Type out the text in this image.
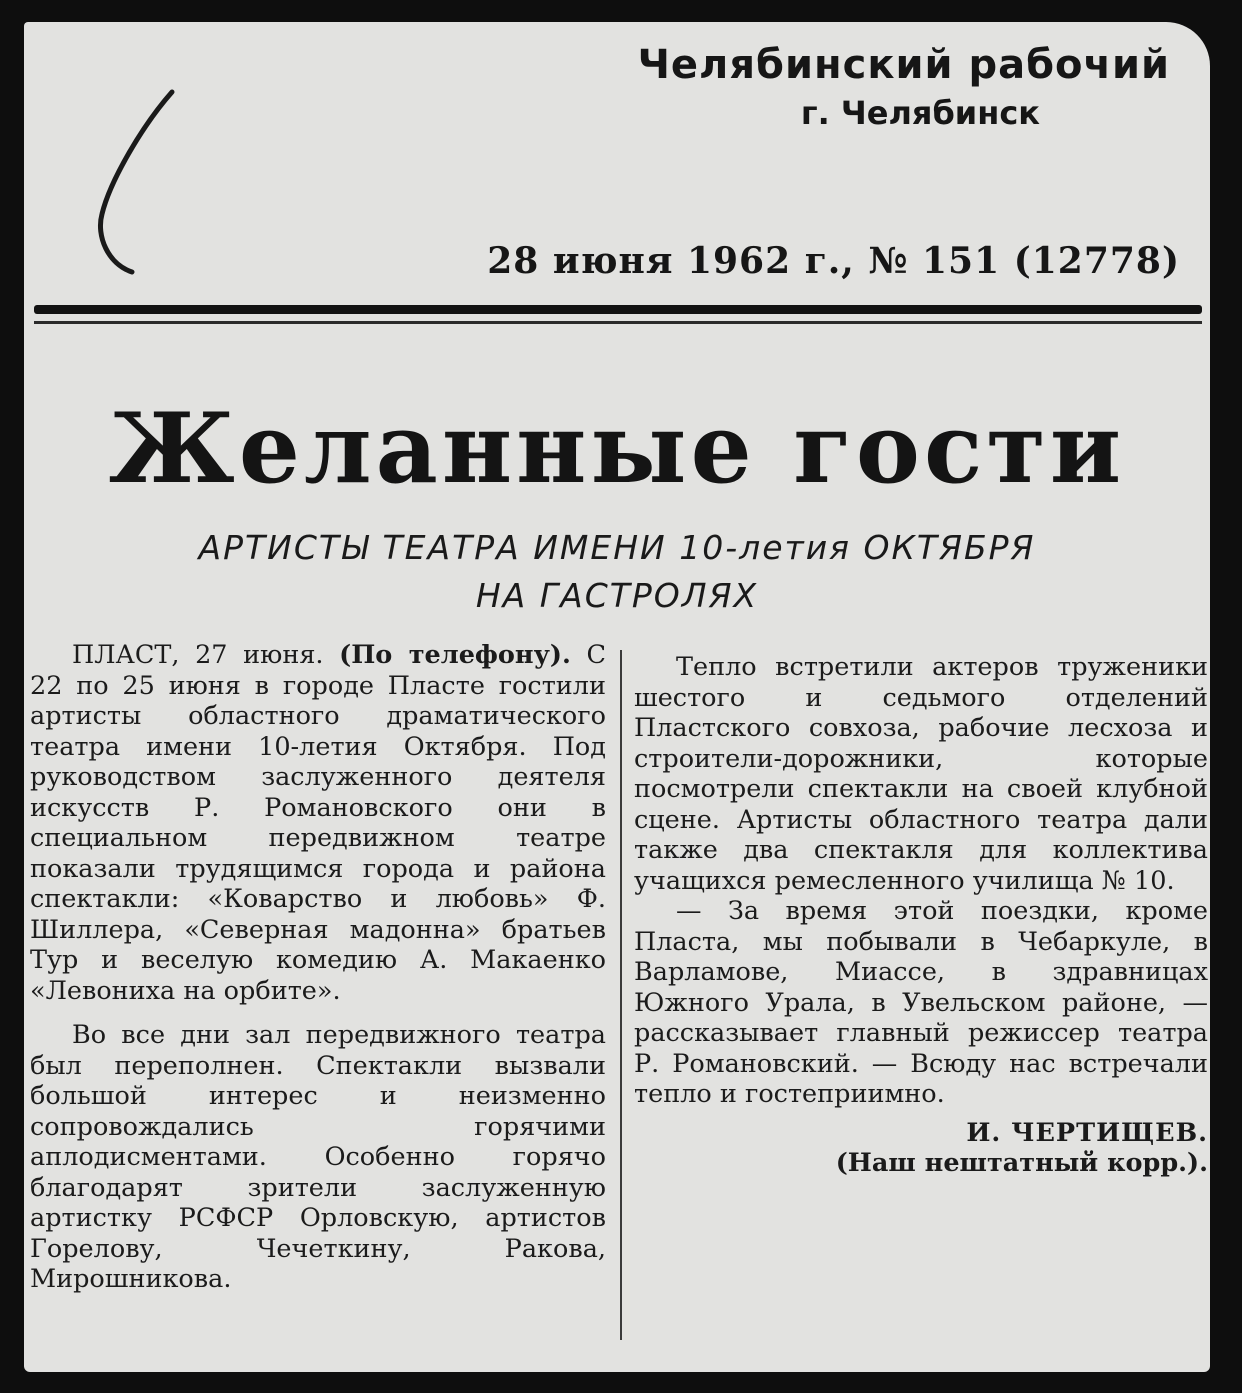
Челябинский рабочий
г. Челябинск
28 июня 1962 г., № 151 (12778)
Желанные гости
АРТИСТЫ ТЕАТРА ИМЕНИ 10-летия ОКТЯБРЯ
НА ГАСТРОЛЯХ

ПЛАСТ, 27 июня. (По телефону). С 22 по 25 июня в городе Пласте гостили артисты областного драматического театра имени 10-летия Октября. Под руководством заслуженного деятеля искусств Р. Романовского они в специальном передвижном театре показали трудящимся города и района спектакли: «Коварство и любовь» Ф. Шиллера, «Северная мадонна» братьев Тур и веселую комедию А. Макаенко «Левониха на орбите».

Во все дни зал передвижного театра был переполнен. Спектакли вызвали большой интерес и неизменно сопровождались горячими аплодисментами. Особенно горячо благодарят зрители заслуженную артистку РСФСР Орловскую, артистов Горелову, Чечеткину, Ракова, Мирошникова.

Тепло встретили актеров труженики шестого и седьмого отделений Пластского совхоза, рабочие лесхоза и строители-дорожники, которые посмотрели спектакли на своей клубной сцене. Артисты областного театра дали также два спектакля для коллектива учащихся ремесленного училища № 10.

— За время этой поездки, кроме Пласта, мы побывали в Чебаркуле, в Варламове, Миассе, в здравницах Южного Урала, в Увельском районе, — рассказывает главный режиссер театра Р. Романовский. — Всюду нас встречали тепло и гостеприимно.

И. ЧЕРТИЩЕВ.
(Наш нештатный корр.).
